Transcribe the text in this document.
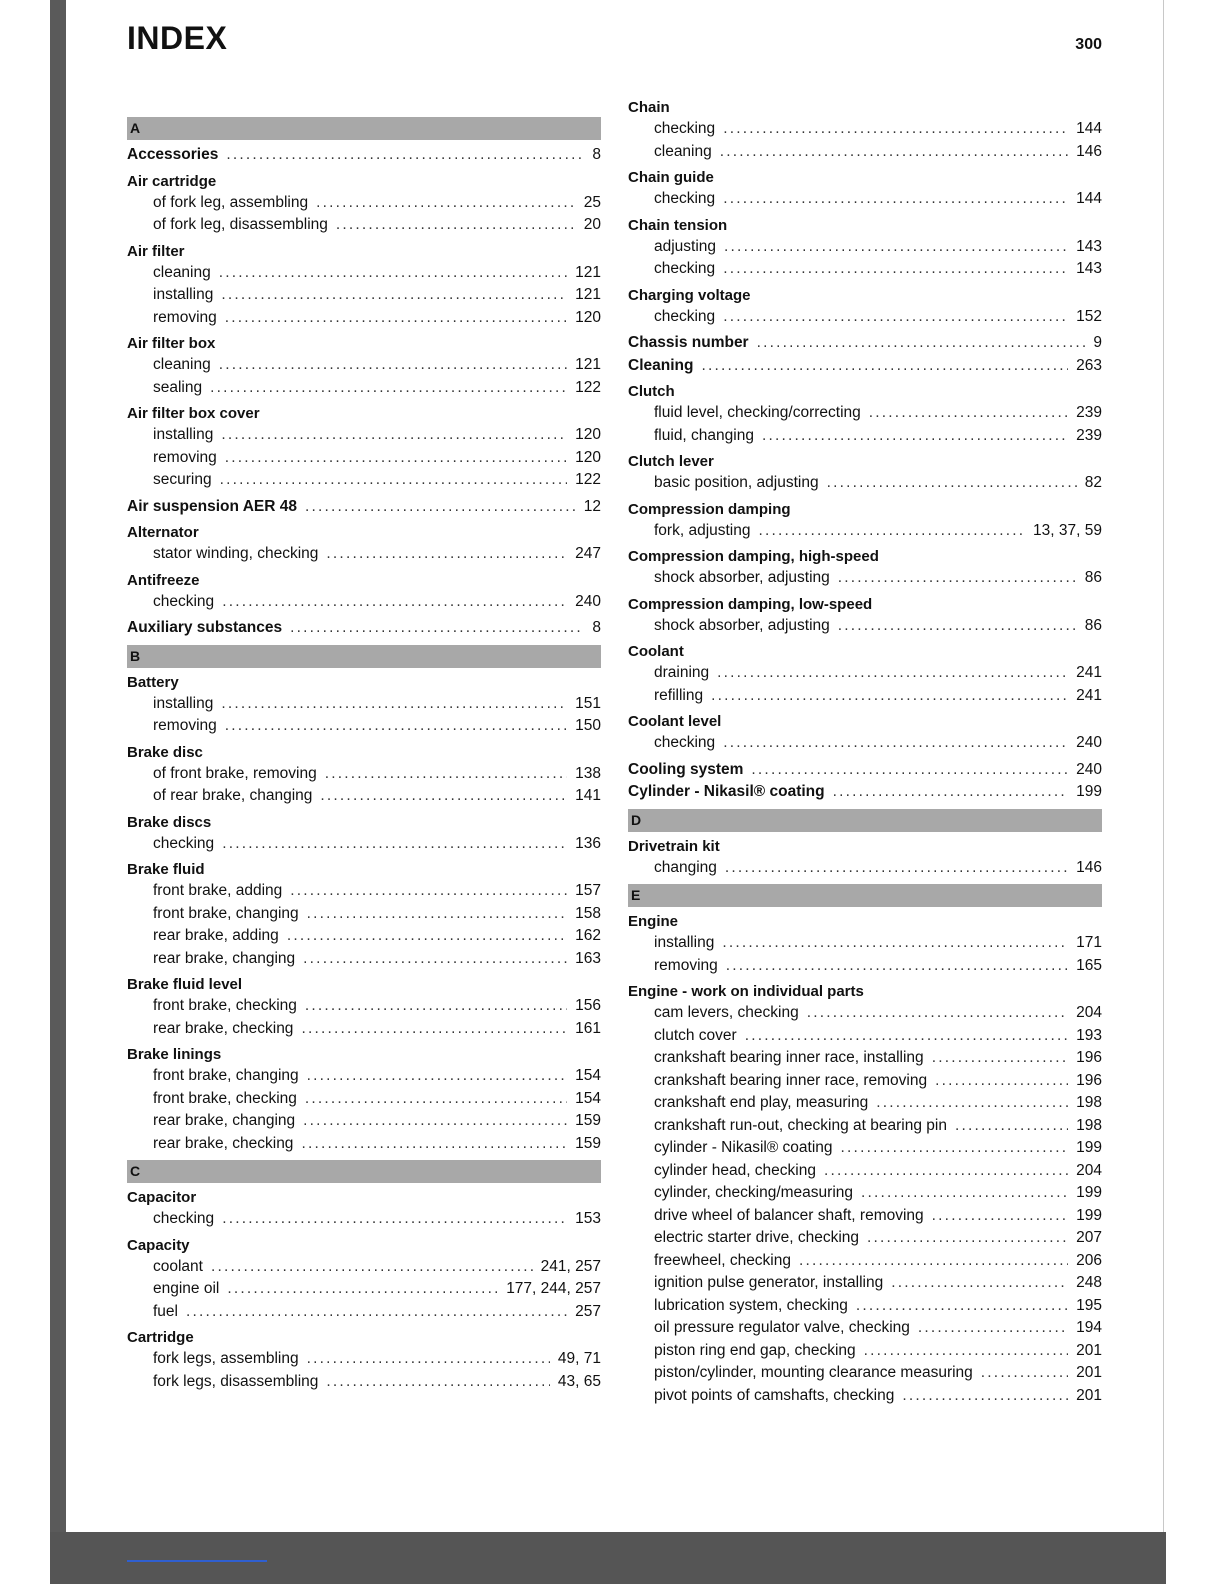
INDEX	300
A
Accessories .....	8
Air cartridge
of fork leg, assembling .....	25
of fork leg, disassembling .....	20
Air filter
cleaning .....	121
installing .....	121
removing .....	120
Air filter box
cleaning .....	121
sealing .....	122
Air filter box cover
installing .....	120
removing .....	120
securing .....	122
Air suspension AER 48 .....	12
Alternator
stator winding, checking .....	247
Antifreeze
checking .....	240
Auxiliary substances .....	8
B
Battery
installing .....	151
removing .....	150
Brake disc
of front brake, removing .....	138
of rear brake, changing .....	141
Brake discs
checking .....	136
Brake fluid
front brake, adding .....	157
front brake, changing .....	158
rear brake, adding .....	162
rear brake, changing .....	163
Brake fluid level
front brake, checking .....	156
rear brake, checking .....	161
Brake linings
front brake, changing .....	154
front brake, checking .....	154
rear brake, changing .....	159
rear brake, checking .....	159
C
Capacitor
checking .....	153
Capacity
coolant .....	241, 257
engine oil .....	177, 244, 257
fuel .....	257
Cartridge
fork legs, assembling .....	49, 71
fork legs, disassembling .....	43, 65
Chain
checking .....	144
cleaning .....	146
Chain guide
checking .....	144
Chain tension
adjusting .....	143
checking .....	143
Charging voltage
checking .....	152
Chassis number .....	9
Cleaning .....	263
Clutch
fluid level, checking/correcting .....	239
fluid, changing .....	239
Clutch lever
basic position, adjusting .....	82
Compression damping
fork, adjusting .....	13, 37, 59
Compression damping, high-speed
shock absorber, adjusting .....	86
Compression damping, low-speed
shock absorber, adjusting .....	86
Coolant
draining .....	241
refilling .....	241
Coolant level
checking .....	240
Cooling system .....	240
Cylinder - Nikasil® coating .....	199
D
Drivetrain kit
changing .....	146
E
Engine
installing .....	171
removing .....	165
Engine - work on individual parts
cam levers, checking .....	204
clutch cover .....	193
crankshaft bearing inner race, installing .....	196
crankshaft bearing inner race, removing .....	196
crankshaft end play, measuring .....	198
crankshaft run-out, checking at bearing pin .....	198
cylinder - Nikasil® coating .....	199
cylinder head, checking .....	204
cylinder, checking/measuring .....	199
drive wheel of balancer shaft, removing .....	199
electric starter drive, checking .....	207
freewheel, checking .....	206
ignition pulse generator, installing .....	248
lubrication system, checking .....	195
oil pressure regulator valve, checking .....	194
piston ring end gap, checking .....	201
piston/cylinder, mounting clearance measuring .....	201
pivot points of camshafts, checking .....	201
